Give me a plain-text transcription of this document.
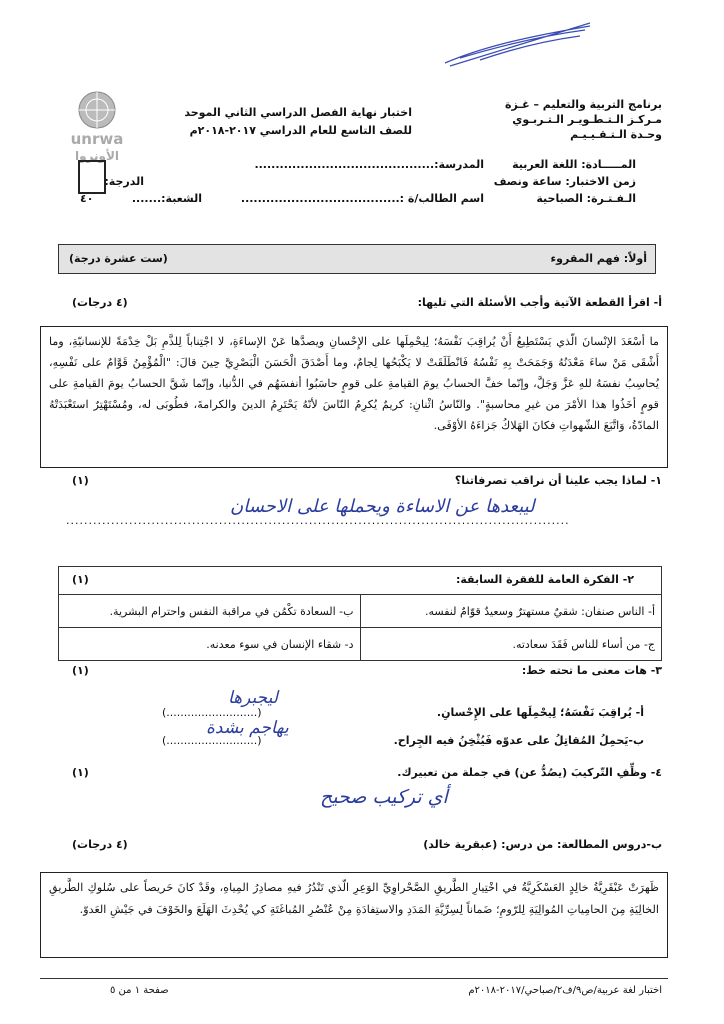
برنامج التربية والتعليم – غـزة
مـركـز الـتـطـويـر الـتـربـوي
وحـدة الـتـقـيـيـم
اختبار نهاية الفصل الدراسي الثاني الموحد
للصف التاسع للعام الدراسي ٢٠١٧-٢٠١٨م
unrwa
الأونروا
المـــــادة: اللغة العربية
زمن الاختبار: ساعة ونصف
الـفـتـرة: الصباحية
المدرسة:...........................................
اسم الطالب/ة :......................................
الشعبة:.......
الدرجة:
٤٠
أولاً: فهم المقروء
(ست عشرة درجة)
أ- اقرأ القطعة الآتية وأجب الأسئلة التي تليها:
(٤ درجات)
ما أسْعَدَ الإنْسانَ الّذي يَسْتَطِيعُ أَنْ يُراقِبَ نَفْسَهُ؛ لِيحْمِلَها على الإِحْسانِ ويصدَّها عَنْ الإساءَةِ، لا اجْتِناباً لِلذَّمِ بَلْ خِدْمَةً للإنسانيّةِ، وما أَشْقَى مَنْ ساءَ مَعْدَنُهُ وَجَمَحَتْ بِهِ نَفْسُهُ فَانْطَلَقَتْ لا يَكْبَحُها لِجامٌ، وما أَصْدَقَ الْحَسَنَ الْبَصْرِيَّ حِينَ قالَ: "الْمُؤْمِنُ قَوَّامٌ على نَفْسِهِ، يُحاسِبُ نفسَهُ للهِ عَزَّ وَجَلَّ، وإنّما خفَّ الحسابُ يومَ القيامةِ على قومٍ حاسَبُوا أنفسَهُم في الدُّنيا، وإنّما شَقَّ الحسابُ يومَ القيامةِ على قومٍ أخَذُوا هذا الأمْرَ من غيرِ محاسبةٍ". والنّاسُ اثْنانِ: كريمٌ يُكرِمُ النّاسَ لأنّهُ يَحْتَرِمُ الدينَ والكرامةَ، فطُوبَى له، ومُسْتَهْتِرٌ استَعْبَدَتْهُ المادّةُ، وَاتَّبَعَ الشّهواتِ فكانَ الهَلاكُ جَزاءَهُ الأوْفَى.
١- لماذا يجب علينا أن نراقب تصرفاتنا؟
(١)
................................................................................................................
ليبعدها عن الاساءة ويحملها على الاحسان
٢- الفكرة العامة للفقرة السابقة:
(١)
أ- الناس صنفان: شقيٌ مستهترٌ وسعيدٌ قوّامٌ لنفسه.	ب- السعادة تكْمُن في مراقبة النفس واحترام البشرية.
ج- من أساء للناس فَقَدَ سعادته.	د- شقاء الإنسان في سوء معدنه.
٣- هات معنى ما تحته خط:
(١)
أ- يُراقِبَ نَفْسَهُ؛ لِيحْمِلَها على الإِحْسانِ.
(..........................)
ليجبرها
ب-يَحمِلُ المُقاتِلُ على عدوّه فَيُثْخِنُ فيه الجِراح.
(..........................)
يهاجم بشدة
٤- وظِّفِ التّركيبَ (يصُدُّ عن) في جملة من تعبيرك.
(١)
أي تركيب صحيح
ب-دروس المطالعة: من درس: (عبقرية خالد)
(٤ درجات)
ظَهرَتْ عَبْقَرِيَّةُ خالِدٍ العَسْكَرِيَّةُ في اخْتِيارِ الطَّريقِ الصَّحْراوِيِّ الوَعِرِ الّذي تَنْدُرُ فيهِ مصادِرُ المِياهِ، وقَدْ كانَ حَريصاً على سُلوكِ الطَّريقِ الخالِيَةِ مِنَ الحامِياتِ المُوالِيَةِ لِلرّومِ؛ ضَماناً لِسِرِّيَّةِ المَدَدِ والاستِفادَةِ مِنْ عُنْصُرِ المُباغَتَةِ كي يُحْدِثَ الهَلَعَ والخَوْفَ في جَيْشِ العَدوّ.
صفحة ١ من ٥	اختبار لغة عربية/ص٩/ف٢/صباحي/٢٠١٧-٢٠١٨م
